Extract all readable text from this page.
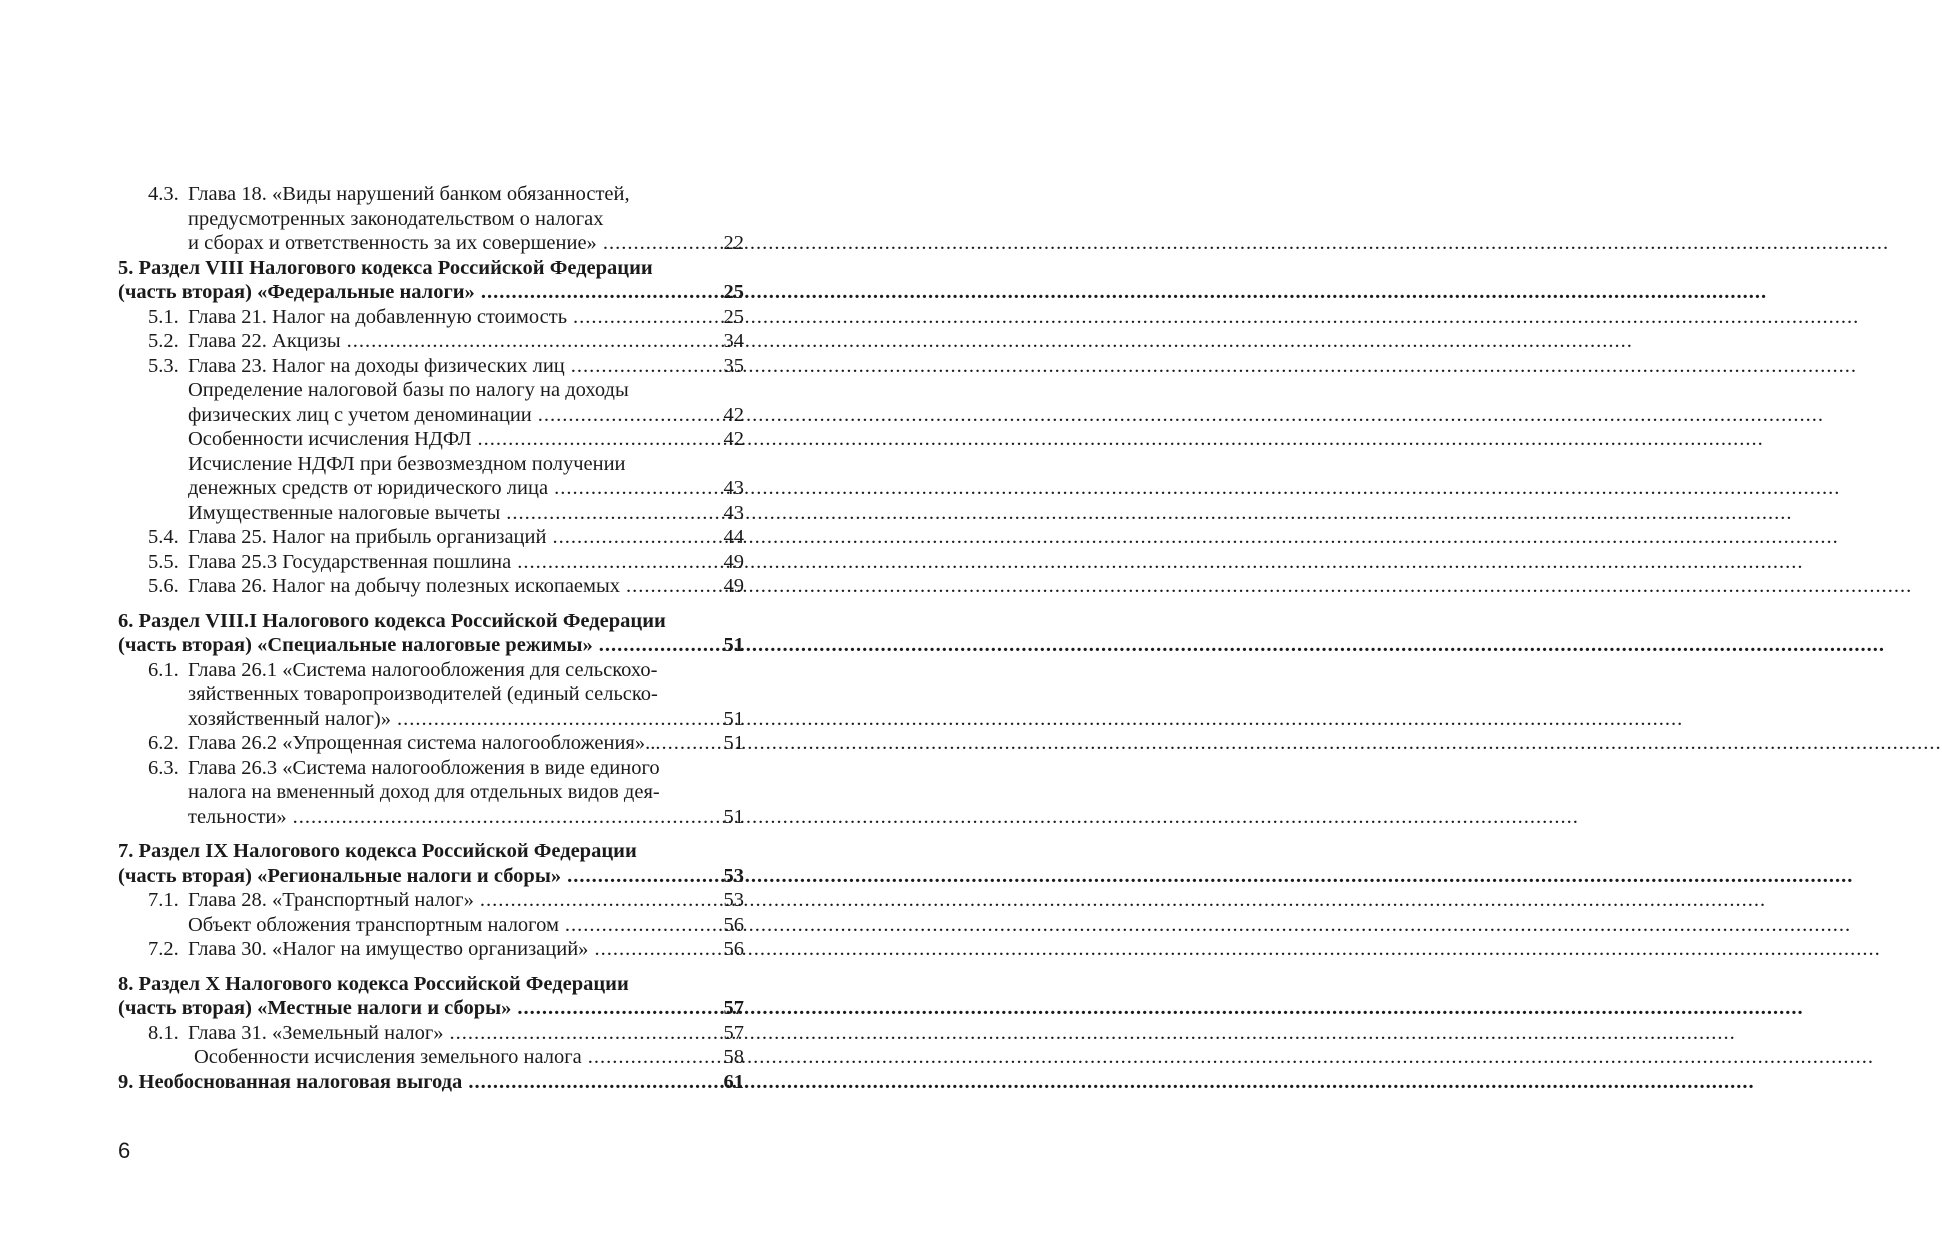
4.3. Глава 18. «Виды нарушений банком обязанностей,
предусмотренных законодательством о налогах
и сборах и ответственность за их совершение» .....	22
5. Раздел VIII Налогового кодекса Российской Федерации
(часть вторая) «Федеральные налоги» .....	25
5.1. Глава 21. Налог на добавленную стоимость .....	25
5.2. Глава 22. Акцизы .....	34
5.3. Глава 23. Налог на доходы физических лиц .....	35
Определение налоговой базы по налогу на доходы
физических лиц с учетом деноминации .....	42
Особенности исчисления НДФЛ .....	42
Исчисление НДФЛ при безвозмездном получении
денежных средств от юридического лица .....	43
Имущественные налоговые вычеты .....	43
5.4. Глава 25. Налог на прибыль организаций .....	44
5.5. Глава 25.3 Государственная пошлина .....	49
5.6. Глава 26. Налог на добычу полезных ископаемых .....	49
6. Раздел VIII.I Налогового кодекса Российской Федерации
(часть вторая) «Специальные налоговые режимы» .....	51
6.1. Глава 26.1 «Система налогообложения для сельскохо-
зяйственных товаропроизводителей (единый сельско-
хозяйственный налог)» .....	51
6.2. Глава 26.2 «Упрощенная система налогообложения».. .....	51
6.3. Глава 26.3 «Система налогообложения в виде единого
налога на вмененный доход для отдельных видов дея-
тельности» .....	51
7. Раздел IX Налогового кодекса Российской Федерации
(часть вторая) «Региональные налоги и сборы» .....	53
7.1. Глава 28. «Транспортный налог» .....	53
Объект обложения транспортным налогом .....	56
7.2. Глава 30. «Налог на имущество организаций» .....	56
8. Раздел X Налогового кодекса Российской Федерации
(часть вторая) «Местные налоги и сборы» .....	57
8.1. Глава 31. «Земельный налог» .....	57
Особенности исчисления земельного налога .....	58
9. Необоснованная налоговая выгода .....	61
6
